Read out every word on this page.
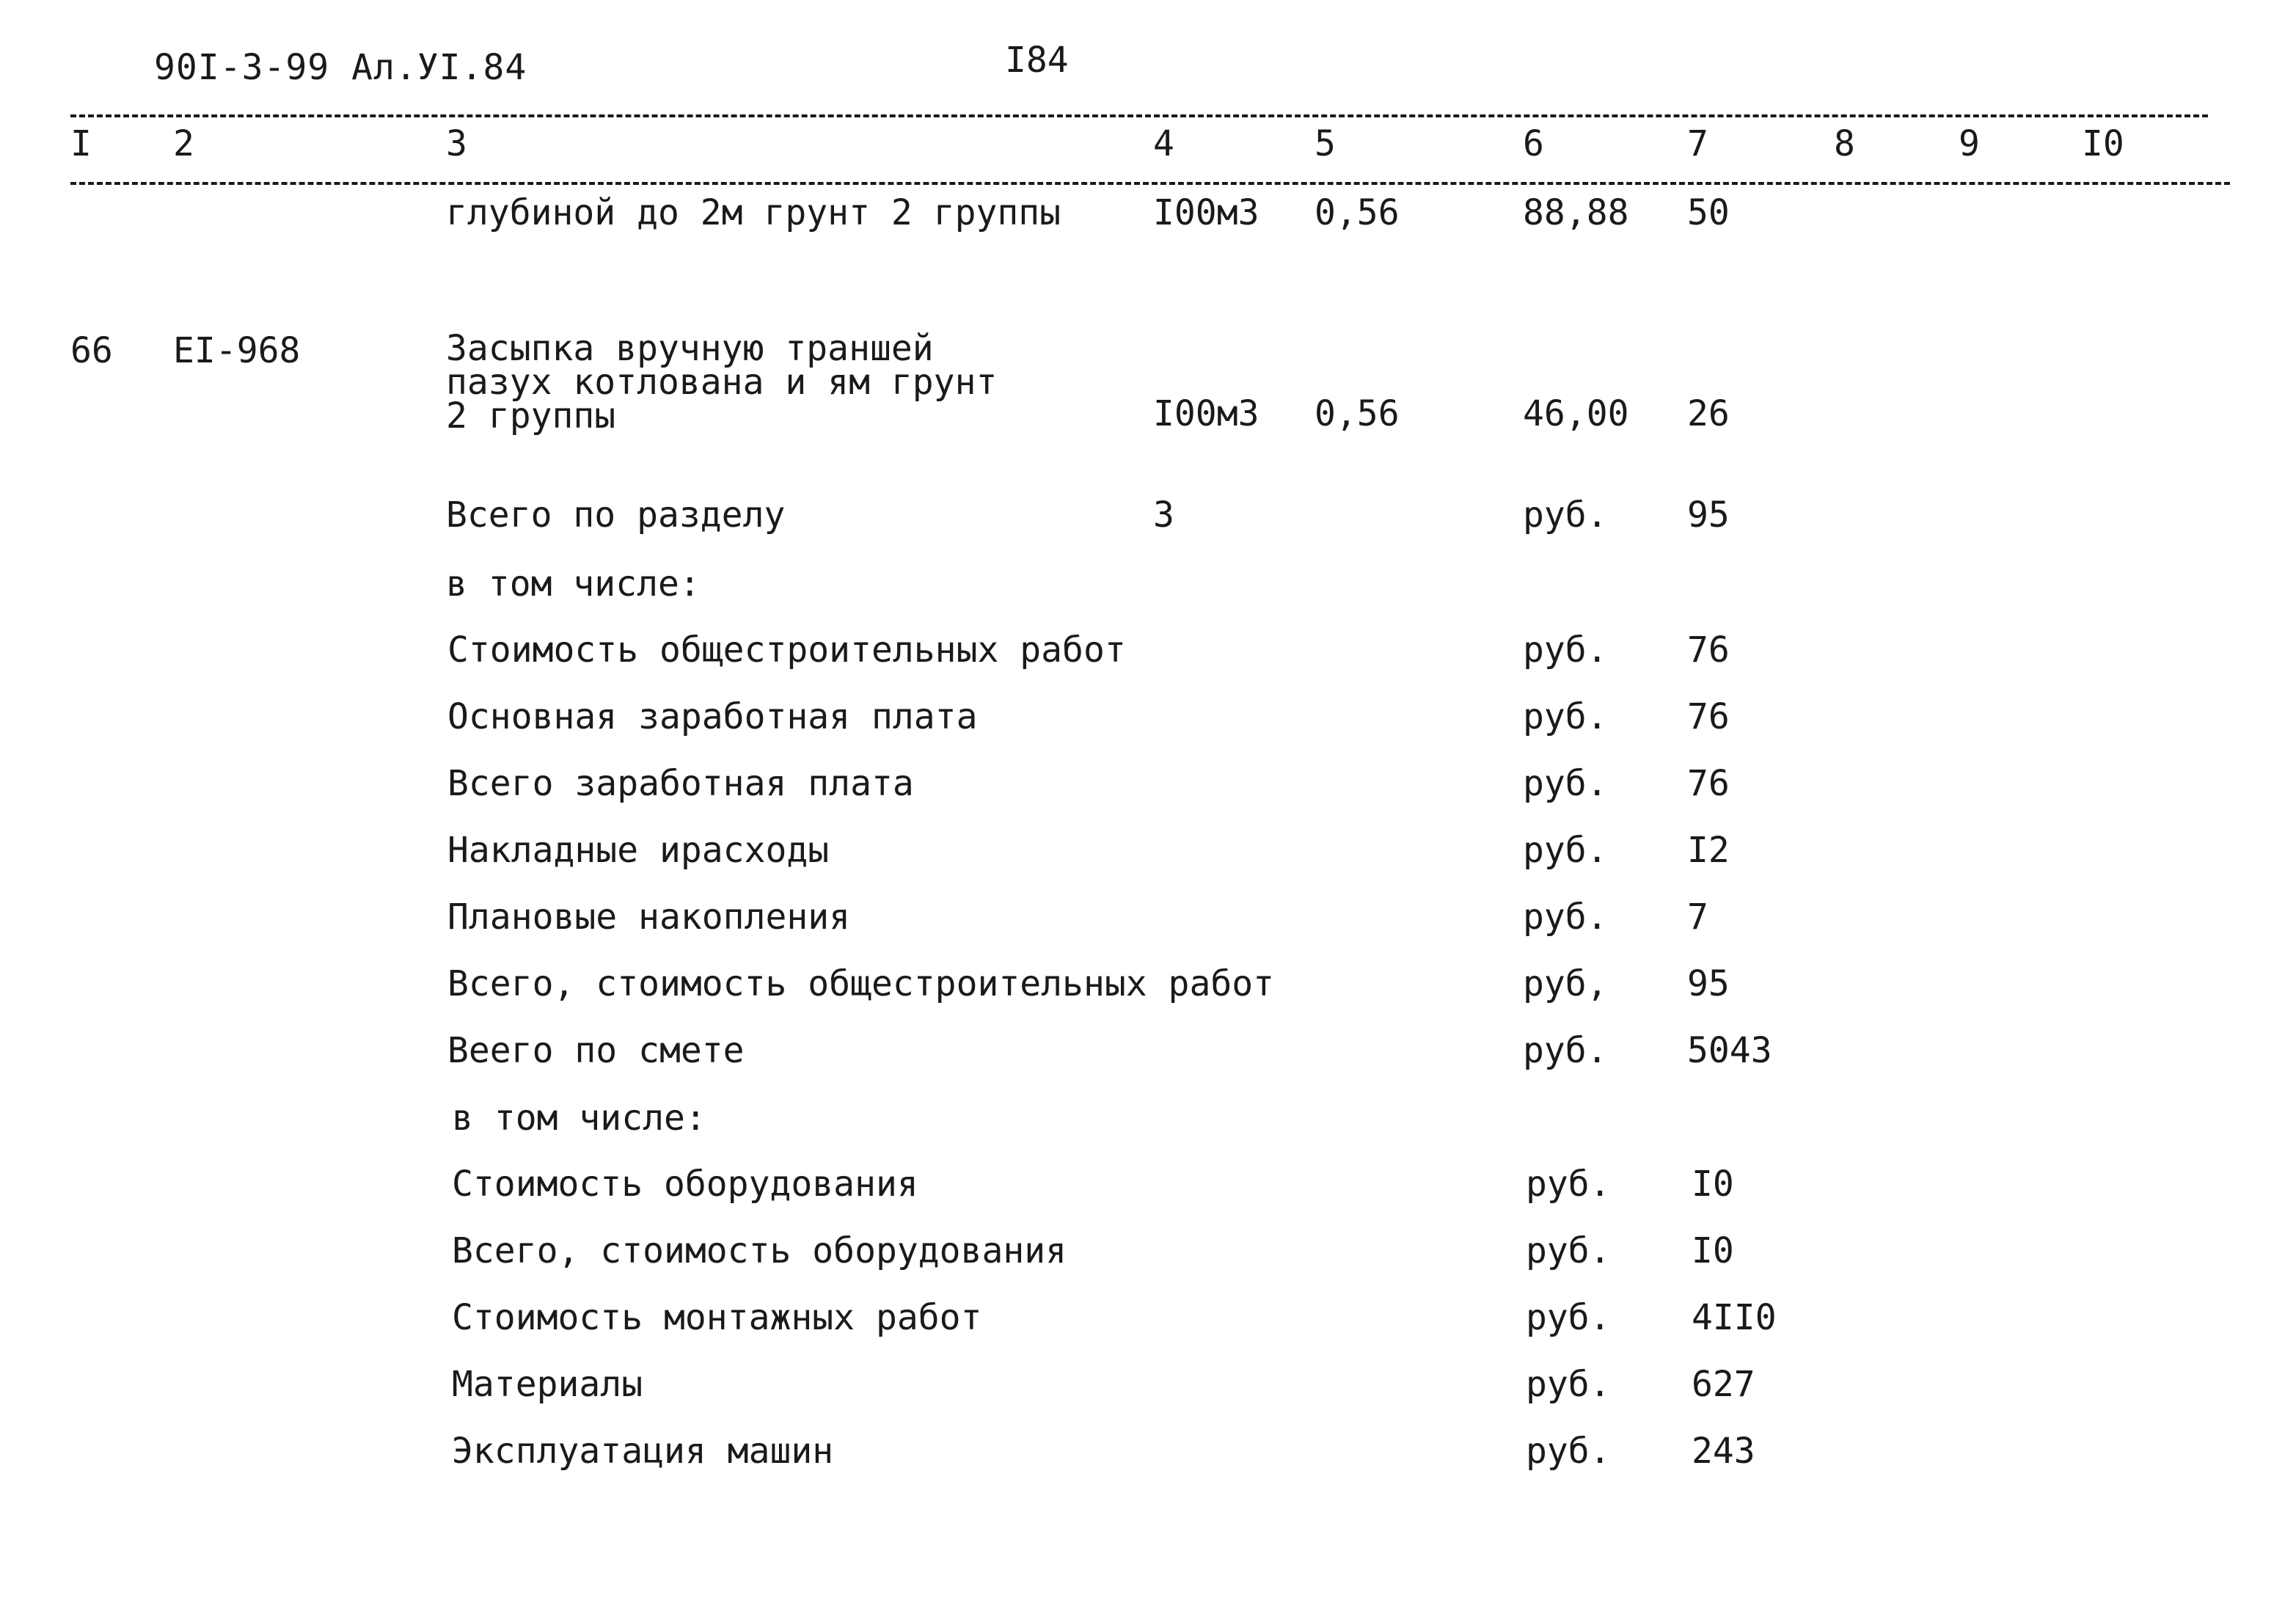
90I-3-99 Ал.УI.84	I84
I 2	3	4	5	6	7	8	9	I0
глубиной до 2м грунт 2 группы	I00м3 0,56	88,88 50
66 EI-968	Засыпка вручную траншей
пазух котлована и ям грунт
2 группы	I00м3 0,56	46,00 26
Всего по разделу	3	руб. 95
в том числе:
Стоимость общестроительных работ	руб. 76
Основная заработная плата	руб. 76
Всего заработная плата	руб. 76
Накладные ирасходы	руб. I2
Плановые накопления	руб. 7
Всего, стоимость общестроительных работ	руб, 95
Веего по смете	руб. 5043
в том числе:
Стоимость оборудования	руб. I0
Всего, стоимость оборудования	руб. I0
Стоимость монтажных работ	руб. 4II0
Материалы	руб. 627
Эксплуатация машин	руб. 243
